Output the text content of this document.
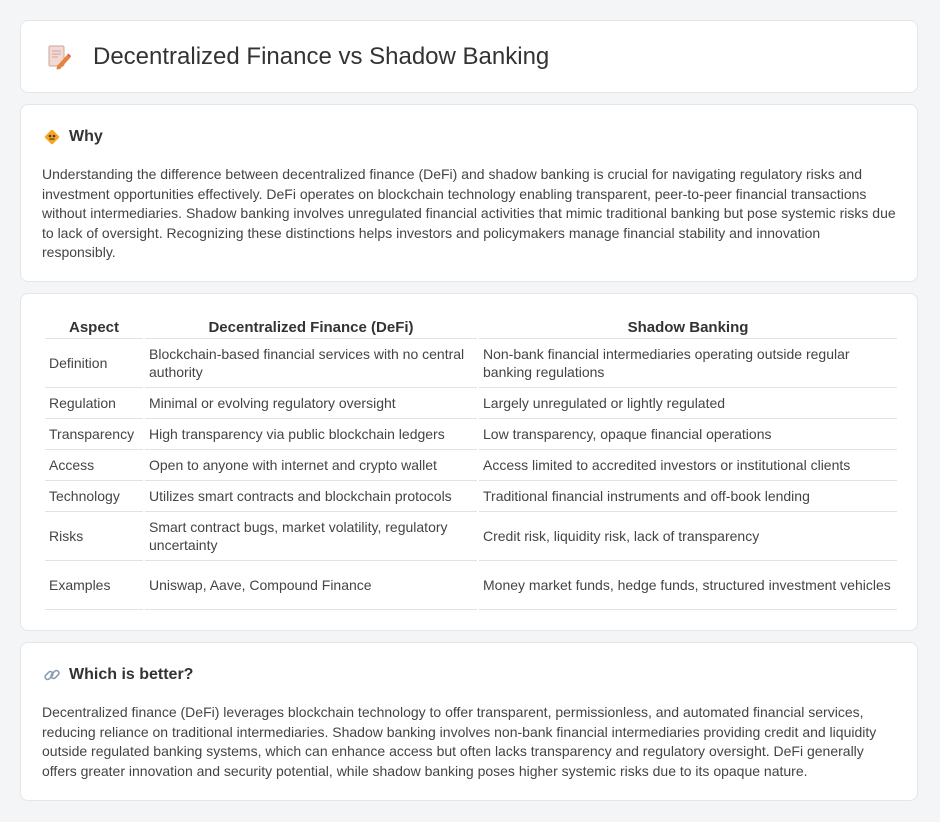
Decentralized Finance vs Shadow Banking
Why

Understanding the difference between decentralized finance (DeFi) and shadow banking is crucial for navigating regulatory risks and investment opportunities effectively. DeFi operates on blockchain technology enabling transparent, peer-to-peer financial transactions without intermediaries. Shadow banking involves unregulated financial activities that mimic traditional banking but pose systemic risks due to lack of oversight. Recognizing these distinctions helps investors and policymakers manage financial stability and innovation responsibly.

Aspect	Decentralized Finance (DeFi)	Shadow Banking
Definition	Blockchain-based financial services with no central authority	Non-bank financial intermediaries operating outside regular banking regulations
Regulation	Minimal or evolving regulatory oversight	Largely unregulated or lightly regulated
Transparency	High transparency via public blockchain ledgers	Low transparency, opaque financial operations
Access	Open to anyone with internet and crypto wallet	Access limited to accredited investors or institutional clients
Technology	Utilizes smart contracts and blockchain protocols	Traditional financial instruments and off-book lending
Risks	Smart contract bugs, market volatility, regulatory uncertainty	Credit risk, liquidity risk, lack of transparency
Examples	Uniswap, Aave, Compound Finance	Money market funds, hedge funds, structured investment vehicles
Which is better?

Decentralized finance (DeFi) leverages blockchain technology to offer transparent, permissionless, and automated financial services, reducing reliance on traditional intermediaries. Shadow banking involves non-bank financial intermediaries providing credit and liquidity outside regulated banking systems, which can enhance access but often lacks transparency and regulatory oversight. DeFi generally offers greater innovation and security potential, while shadow banking poses higher systemic risks due to its opaque nature.
